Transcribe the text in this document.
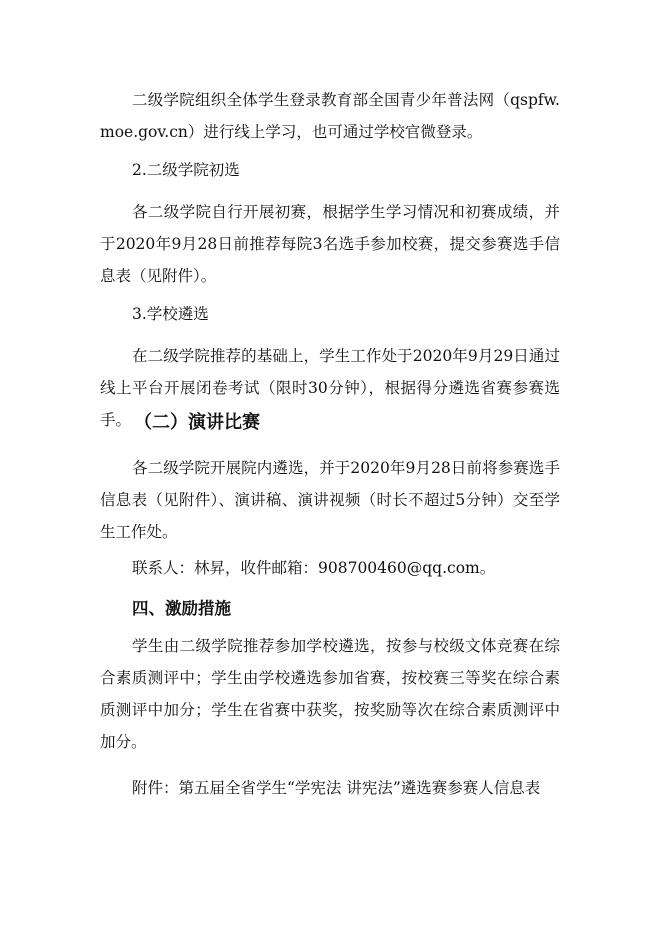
二级学院组织全体学生登录教育部全国青少年普法网（qspfw.moe.gov.cn）进行线上学习，也可通过学校官微登录。

2.二级学院初选

各二级学院自行开展初赛，根据学生学习情况和初赛成绩，并于2020年9月28日前推荐每院3名选手参加校赛，提交参赛选手信息表（见附件）。

3.学校遴选

在二级学院推荐的基础上，学生工作处于2020年9月29日通过线上平台开展闭卷考试（限时30分钟），根据得分遴选省赛参赛选手。 （二）演讲比赛

各二级学院开展院内遴选，并于2020年9月28日前将参赛选手信息表（见附件）、演讲稿、演讲视频（时长不超过5分钟）交至学生工作处。

联系人：林昇，收件邮箱：908700460@qq.com。

四、激励措施

学生由二级学院推荐参加学校遴选，按参与校级文体竞赛在综合素质测评中；学生由学校遴选参加省赛，按校赛三等奖在综合素质测评中加分；学生在省赛中获奖，按奖励等次在综合素质测评中加分。

附件：第五届全省学生“学宪法 讲宪法”遴选赛参赛人信息表
